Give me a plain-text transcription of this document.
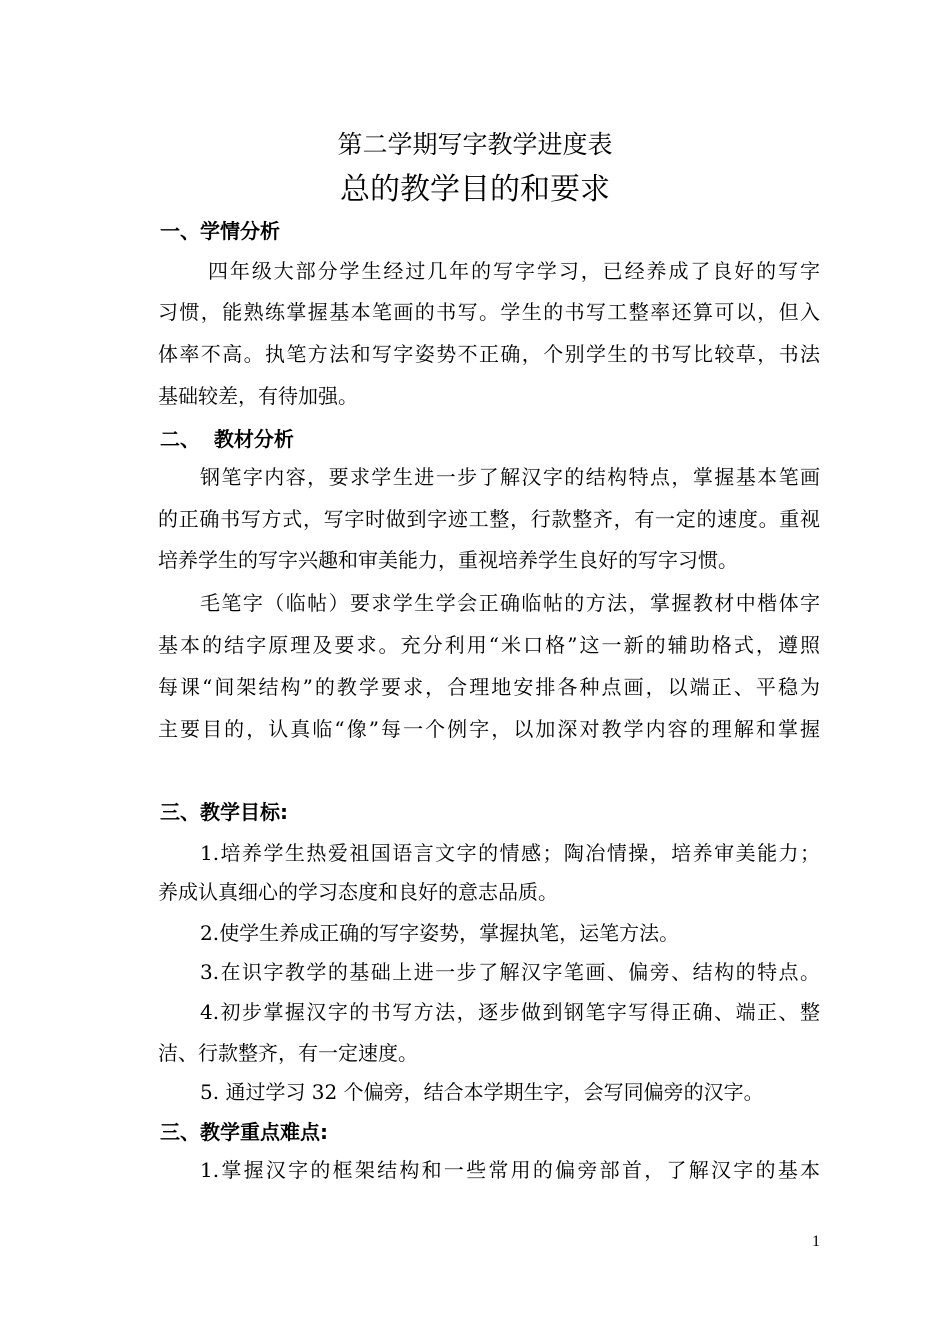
第二学期写字教学进度表
总的教学目的和要求
一、学情分析
四年级大部分学生经过几年的写字学习，已经养成了良好的写字
习惯，能熟练掌握基本笔画的书写。学生的书写工整率还算可以，但入
体率不高。执笔方法和写字姿势不正确，个别学生的书写比较草，书法
基础较差，有待加强。
二、  教材分析
钢笔字内容，要求学生进一步了解汉字的结构特点，掌握基本笔画
的正确书写方式，写字时做到字迹工整，行款整齐，有一定的速度。重视
培养学生的写字兴趣和审美能力，重视培养学生良好的写字习惯。
毛笔字（临帖）要求学生学会正确临帖的方法，掌握教材中楷体字
基本的结字原理及要求。充分利用“米口格”这一新的辅助格式，遵照
每课“间架结构”的教学要求，合理地安排各种点画，以端正、平稳为
主要目的，认真临“像”每一个例字，以加深对教学内容的理解和掌握
三、教学目标:
1.培养学生热爱祖国语言文字的情感；陶冶情操，培养审美能力；
养成认真细心的学习态度和良好的意志品质。
2.使学生养成正确的写字姿势，掌握执笔，运笔方法。
3.在识字教学的基础上进一步了解汉字笔画、偏旁、结构的特点。
4.初步掌握汉字的书写方法，逐步做到钢笔字写得正确、端正、整
洁、行款整齐，有一定速度。
5. 通过学习 32 个偏旁，结合本学期生字，会写同偏旁的汉字。
三、教学重点难点:
1.掌握汉字的框架结构和一些常用的偏旁部首，了解汉字的基本
1
